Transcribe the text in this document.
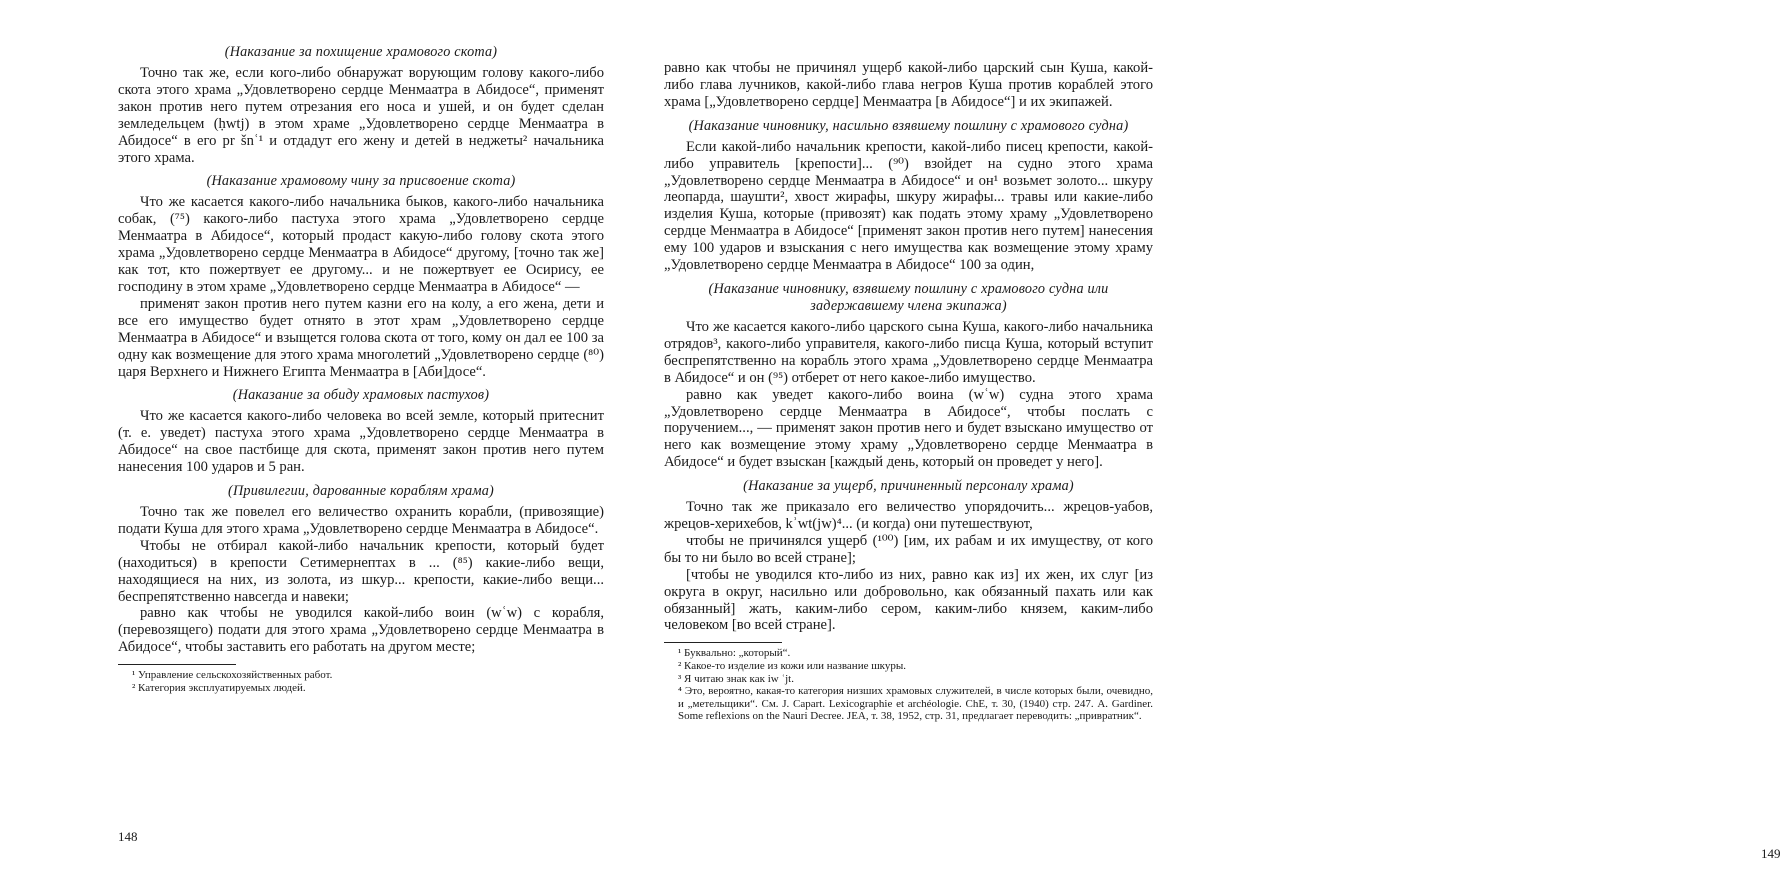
(Наказание за похищение храмового скота)

Точно так же, если кого-либо обнаружат ворующим голову какого-либо скота этого храма „Удовлетворено сердце Менмаатра в Абидосе“, применят закон против него путем отрезания его носа и ушей, и он будет сделан земледельцем (ḥwtj) в этом храме „Удовлетворено сердце Менмаатра в Абидосе“ в его pr šnʿ¹ и отдадут его жену и детей в неджеты² начальника этого храма.

(Наказание храмовому чину за присвоение скота)

Что же касается какого-либо начальника быков, какого-либо начальника собак, (⁷⁵) какого-либо пастуха этого храма „Удовлетворено сердце Менмаатра в Абидосе“, который продаст какую-либо голову скота этого храма „Удовлетворено сердце Менмаатра в Абидосе“ другому, [точно так же] как тот, кто пожертвует ее другому... и не пожертвует ее Осирису, ее господину в этом храме „Удовлетворено сердце Менмаатра в Абидосе“ —

применят закон против него путем казни его на колу, а его жена, дети и все его имущество будет отнято в этот храм „Удовлетворено сердце Менмаатра в Абидосе“ и взыщется голова скота от того, кому он дал ее 100 за одну как возмещение для этого храма многолетий „Удовлетворено сердце (⁸⁰) царя Верхнего и Нижнего Египта Менмаатра в [Аби]досе“.

(Наказание за обиду храмовых пастухов)

Что же касается какого-либо человека во всей земле, который притеснит (т. е. уведет) пастуха этого храма „Удовлетворено сердце Менмаатра в Абидосе“ на свое пастбище для скота, применят закон против него путем нанесения 100 ударов и 5 ран.

(Привилегии, дарованные кораблям храма)

Точно так же повелел его величество охранить корабли, (привозящие) подати Куша для этого храма „Удовлетворено сердце Менмаатра в Абидосе“.

Чтобы не отбирал какой-либо начальник крепости, который будет (находиться) в крепости Сетимернептах в ... (⁸⁵) какие-либо вещи, находящиеся на них, из золота, из шкур... крепости, какие-либо вещи... беспрепятственно навсегда и навеки;

равно как чтобы не уводился какой-либо воин (wʿw) с корабля, (перевозящего) подати для этого храма „Удовлетворено сердце Менмаатра в Абидосе“, чтобы заставить его работать на другом месте;

¹ Управление сельскохозяйственных работ.

² Категория эксплуатируемых людей.

148

равно как чтобы не причинял ущерб какой-либо царский сын Куша, какой-либо глава лучников, какой-либо глава негров Куша против кораблей этого храма [„Удовлетворено сердце] Менмаатра [в Абидосе“] и их экипажей.

(Наказание чиновнику, насильно взявшему пошлину с храмового судна)

Если какой-либо начальник крепости, какой-либо писец крепости, какой-либо управитель [крепости]... (⁹⁰) взойдет на судно этого храма „Удовлетворено сердце Менмаатра в Абидосе“ и он¹ возьмет золото... шкуру леопарда, шаушти², хвост жирафы, шкуру жирафы... травы или какие-либо изделия Куша, которые (привозят) как подать этому храму „Удовлетворено сердце Менмаатра в Абидосе“ [применят закон против него путем] нанесения ему 100 ударов и взыскания с него имущества как возмещение этому храму „Удовлетворено сердце Менмаатра в Абидосе“ 100 за один,

(Наказание чиновнику, взявшему пошлину с храмового судна или задержавшему члена экипажа)

Что же касается какого-либо царского сына Куша, какого-либо начальника отрядов³, какого-либо управителя, какого-либо писца Куша, который вступит беспрепятственно на корабль этого храма „Удовлетворено сердце Менмаатра в Абидосе“ и он (⁹⁵) отберет от него какое-либо имущество.

равно как уведет какого-либо воина (wʿw) судна этого храма „Удовлетворено сердце Менмаатра в Абидосе“, чтобы послать с поручением..., — применят закон против него и будет взыскано имущество от него как возмещение этому храму „Удовлетворено сердце Менмаатра в Абидосе“ и будет взыскан [каждый день, который он проведет у него].

(Наказание за ущерб, причиненный персоналу храма)

Точно так же приказало его величество упорядочить... жрецов-уабов, жрецов-херихебов, kʾwt(jw)⁴... (и когда) они путешествуют,

чтобы не причинялся ущерб (¹⁰⁰) [им, их рабам и их имуществу, от кого бы то ни было во всей стране];

[чтобы не уводился кто-либо из них, равно как из] их жен, их слуг [из округа в округ, насильно или добровольно, как обязанный пахать или как обязанный] жать, каким-либо сером, каким-либо князем, каким-либо человеком [во всей стране].

¹ Буквально: „который“.

² Какое-то изделие из кожи или название шкуры.

³ Я читаю знак как iw ʿjt.

⁴ Это, вероятно, какая-то категория низших храмовых служителей, в числе которых были, очевидно, и „метельщики“. См. J. Capart. Lexicographie et archéologie. ChE, т. 30, (1940) стр. 247. A. Gardiner. Some reflexions on the Nauri Decree. JEA, т. 38, 1952, стр. 31, предлагает переводить: „привратник“.

149
